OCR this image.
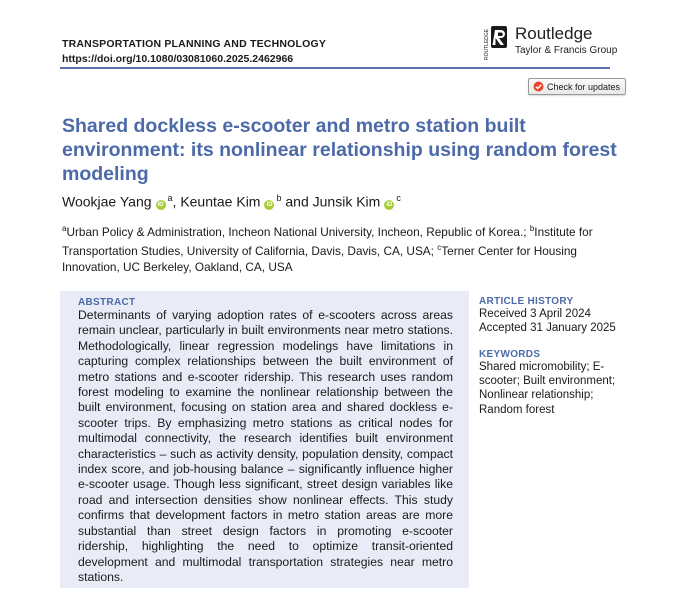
TRANSPORTATION PLANNING AND TECHNOLOGY
https://doi.org/10.1080/03081060.2025.2462966	ROUTLEDGE Routledge
Taylor & Francis Group
Check for updates
Shared dockless e-scooter and metro station built environment: its nonlinear relationship using random forest modeling
Wookjae Yang $iD^a$, Keuntae Kim $iD^b$ and Junsik Kim $iD^c$
$^a$Urban Policy & Administration, Incheon National University, Incheon, Republic of Korea.; $^b$Institute for Transportation Studies, University of California, Davis, Davis, CA, USA; $^c$Terner Center for Housing Innovation, UC Berkeley, Oakland, CA, USA
ABSTRACT
Determinants of varying adoption rates of e-scooters across areas remain unclear, particularly in built environments near metro stations. Methodologically, linear regression modelings have limitations in capturing complex relationships between the built environment of metro stations and e-scooter ridership. This research uses random forest modeling to examine the nonlinear relationship between the built environment, focusing on station area and shared dockless e-scooter trips. By emphasizing metro stations as critical nodes for multimodal connectivity, the research identifies built environment characteristics – such as activity density, population density, compact index score, and job-housing balance – significantly influence higher e-scooter usage. Though less significant, street design variables like road and intersection densities show nonlinear effects. This study confirms that development factors in metro station areas are more substantial than street design factors in promoting e-scooter ridership, highlighting the need to optimize transit-oriented development and multimodal transportation strategies near metro stations.
ARTICLE HISTORY
Received 3 April 2024
Accepted 31 January 2025
KEYWORDS
Shared micromobility; E-scooter; Built environment; Nonlinear relationship; Random forest
